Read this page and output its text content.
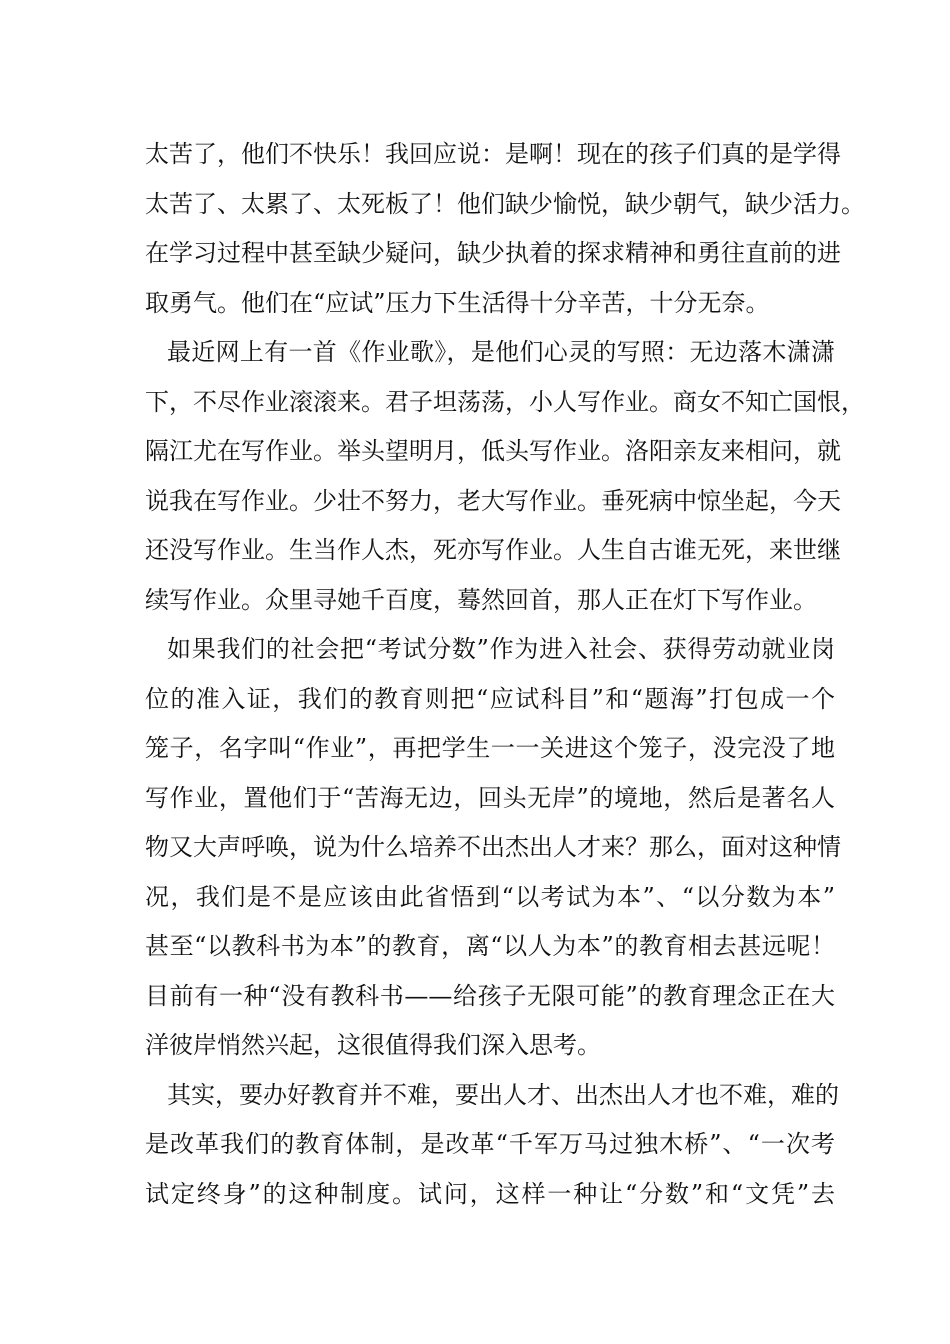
太苦了，他们不快乐！我回应说：是啊！现在的孩子们真的是学得
太苦了、太累了、太死板了！他们缺少愉悦，缺少朝气，缺少活力。
在学习过程中甚至缺少疑问，缺少执着的探求精神和勇往直前的进
取勇气。他们在“应试”压力下生活得十分辛苦，十分无奈。
最近网上有一首《作业歌》，是他们心灵的写照：无边落木潇潇
下，不尽作业滚滚来。君子坦荡荡，小人写作业。商女不知亡国恨，
隔江尤在写作业。举头望明月，低头写作业。洛阳亲友来相问，就
说我在写作业。少壮不努力，老大写作业。垂死病中惊坐起，今天
还没写作业。生当作人杰，死亦写作业。人生自古谁无死，来世继
续写作业。众里寻她千百度，蓦然回首，那人正在灯下写作业。
如果我们的社会把“考试分数”作为进入社会、获得劳动就业岗
位的准入证，我们的教育则把“应试科目”和“题海”打包成一个
笼子，名字叫“作业”，再把学生一一关进这个笼子，没完没了地
写作业，置他们于“苦海无边，回头无岸”的境地，然后是著名人
物又大声呼唤，说为什么培养不出杰出人才来？那么，面对这种情
况，我们是不是应该由此省悟到“以考试为本”、“以分数为本”
甚至“以教科书为本”的教育，离“以人为本”的教育相去甚远呢！
目前有一种“没有教科书——给孩子无限可能”的教育理念正在大
洋彼岸悄然兴起，这很值得我们深入思考。
其实，要办好教育并不难，要出人才、出杰出人才也不难，难的
是改革我们的教育体制，是改革“千军万马过独木桥”、“一次考
试定终身”的这种制度。试问，这样一种让“分数”和“文凭”去
